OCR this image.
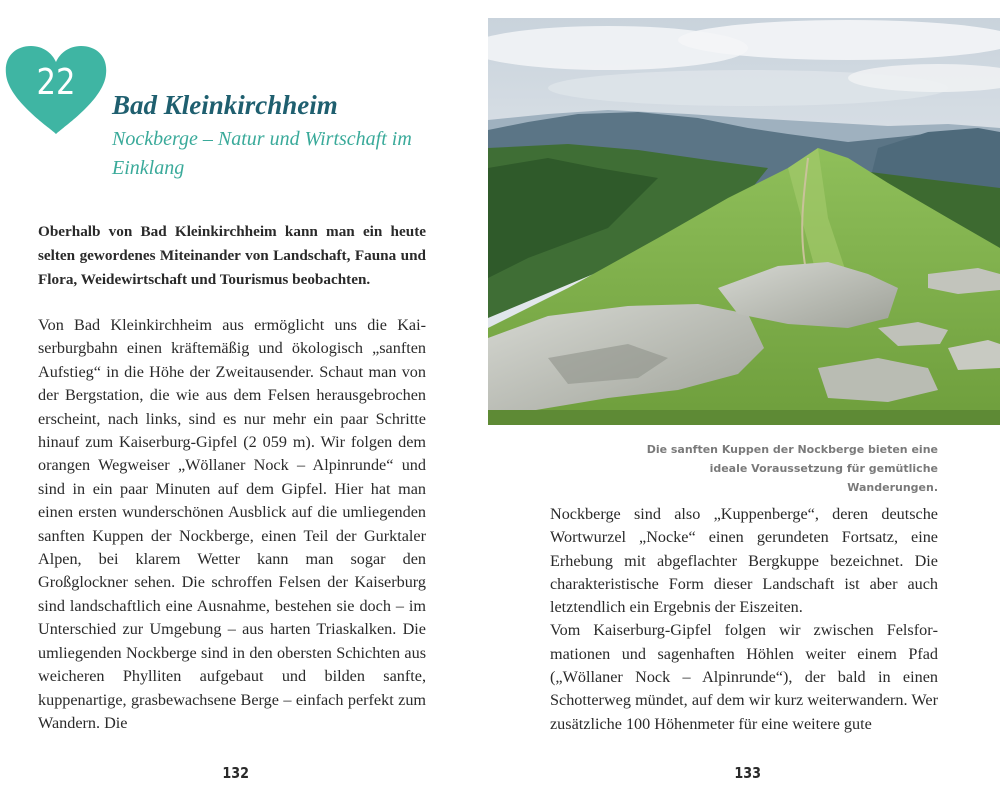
22
Bad Kleinkirchheim
Nockberge – Natur und Wirtschaft im Einklang
Oberhalb von Bad Kleinkirchheim kann man ein heute selten gewordenes Miteinander von Landschaft, Fauna und Flora, Weidewirtschaft und Tourismus beobachten.
Von Bad Kleinkirchheim aus ermöglicht uns die Kaiserburgbahn einen kräftemäßig und ökologisch „sanften Aufstieg“ in die Höhe der Zweitausender. Schaut man von der Bergstation, die wie aus dem Felsen herausgebrochen erscheint, nach links, sind es nur mehr ein paar Schritte hinauf zum Kaiserburg-Gipfel (2 059 m). Wir folgen dem orangen Wegweiser „Wöllaner Nock – Alpinrunde“ und sind in ein paar Minuten auf dem Gipfel. Hier hat man einen ersten wunderschönen Ausblick auf die umliegenden sanften Kuppen der Nockberge, einen Teil der Gurktaler Alpen, bei klarem Wetter kann man sogar den Großglockner sehen. Die schroffen Felsen der Kaiserburg sind landschaftlich eine Ausnahme, bestehen sie doch – im Unterschied zur Umgebung – aus harten Triaskalken. Die umliegenden Nockberge sind in den obersten Schichten aus weicheren Phylliten aufgebaut und bilden sanfte, kuppenartige, grasbewachsene Berge – einfach perfekt zum Wandern. Die
132
Die sanften Kuppen der Nockberge bieten eine ideale Voraussetzung für gemütliche Wanderungen.
Nockberge sind also „Kuppenberge“, deren deutsche Wortwurzel „Nocke“ einen gerundeten Fortsatz, eine Erhebung mit abgeflachter Bergkuppe bezeichnet. Die charakteristische Form dieser Landschaft ist aber auch letztendlich ein Ergebnis der Eiszeiten.
Vom Kaiserburg-Gipfel folgen wir zwischen Felsformationen und sagenhaften Höhlen weiter einem Pfad („Wöllaner Nock – Alpinrunde“), der bald in einen Schotterweg mündet, auf dem wir kurz weiterwandern. Wer zusätzliche 100 Höhenmeter für eine weitere gute
133
